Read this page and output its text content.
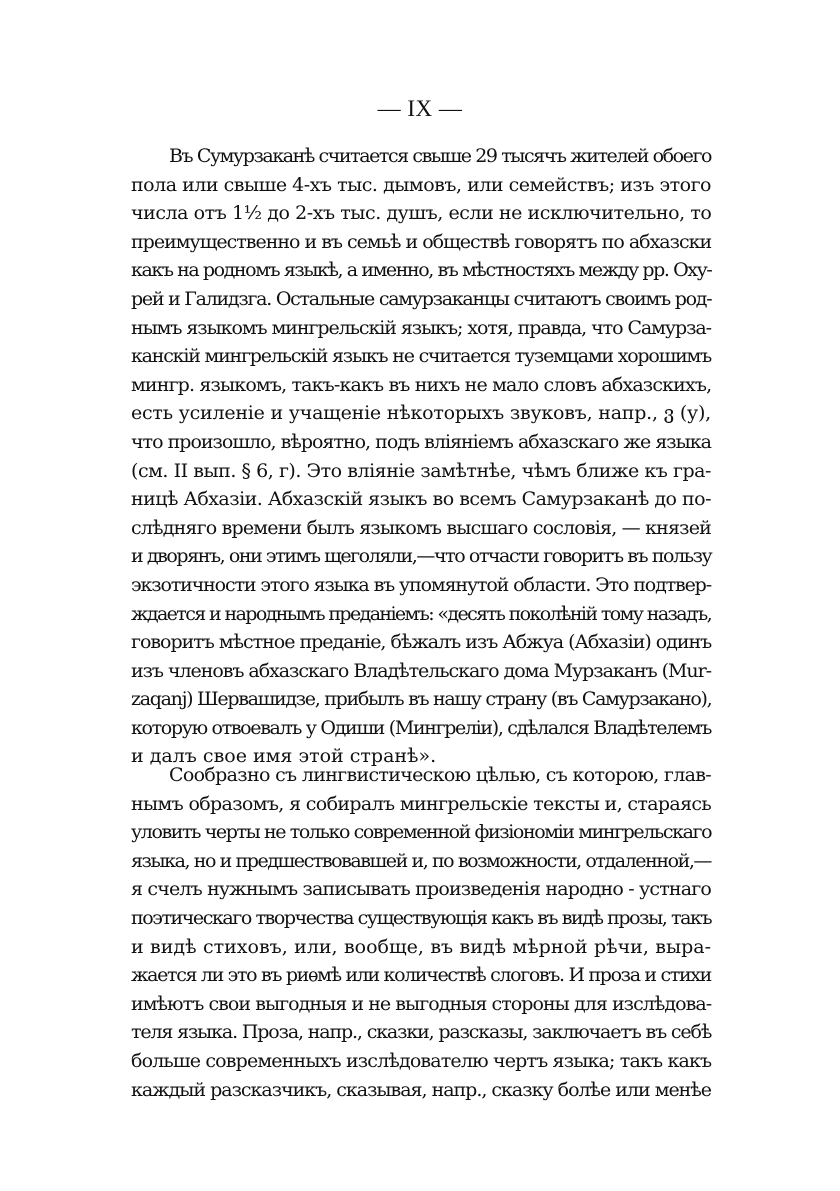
— IX —
Въ Сумурзаканѣ считается свыше 29 тысячъ жителей обоего
пола или свыше 4-хъ тыс. дымовъ, или семействъ; изъ этого
числа отъ 1½ до 2-хъ тыс. душъ, если не исключительно, то
преимущественно и въ семьѣ и обществѣ говорятъ по абхазски
какъ на родномъ языкѣ, а именно, въ мѣстностяхъ между рр. Оху-
рей и Галидзга. Остальные самурзаканцы считаютъ своимъ род-
нымъ языкомъ мингрельскій языкъ; хотя, правда, что Самурза-
канскій мингрельскій языкъ не считается туземцами хорошимъ
мингр. языкомъ, такъ-какъ въ нихъ не мало словъ абхазскихъ,
есть усиленіе и учащеніе нѣкоторыхъ звуковъ, напр., ვ (у),
что произошло, вѣроятно, подъ вліяніемъ абхазскаго же языка
(см. II вып. § 6, г). Это вліяніе замѣтнѣе, чѣмъ ближе къ гра-
ницѣ Абхазіи. Абхазскій языкъ во всемъ Самурзаканѣ до по-
слѣдняго времени былъ языкомъ высшаго сословія, — князей
и дворянъ, они этимъ щеголяли,—что отчасти говоритъ въ пользу
экзотичности этого языка въ упомянутой области. Это подтвер-
ждается и народнымъ преданіемъ: «десять поколѣній тому назадъ,
говоритъ мѣстное преданіе, бѣжалъ изъ Абжуа (Абхазіи) одинъ
изъ членовъ абхазскаго Владѣтельскаго дома Мурзаканъ (Mur-
zaqanj) Шервашидзе, прибылъ въ нашу страну (въ Самурзакано),
которую отвоевалъ у Одиши (Мингреліи), сдѣлался Владѣтелемъ
и далъ свое имя этой странѣ».
Сообразно съ лингвистическою цѣлью, съ которою, глав-
нымъ образомъ, я собиралъ мингрельскіе тексты и, стараясь
уловить черты не только современной физіономіи мингрельскаго
языка, но и предшествовавшей и, по возможности, отдаленной,—
я счелъ нужнымъ записывать произведенія народно - устнаго
поэтическаго творчества существующія какъ въ видѣ прозы, такъ
и видѣ стиховъ, или, вообще, въ видѣ мѣрной рѣчи, выра-
жается ли это въ риѳмѣ или количествѣ слоговъ. И проза и стихи
имѣютъ свои выгодныя и не выгодныя стороны для изслѣдова-
теля языка. Проза, напр., сказки, разсказы, заключаетъ въ себѣ
больше современныхъ изслѣдователю чертъ языка; такъ какъ
каждый разсказчикъ, сказывая, напр., сказку болѣе или менѣе
